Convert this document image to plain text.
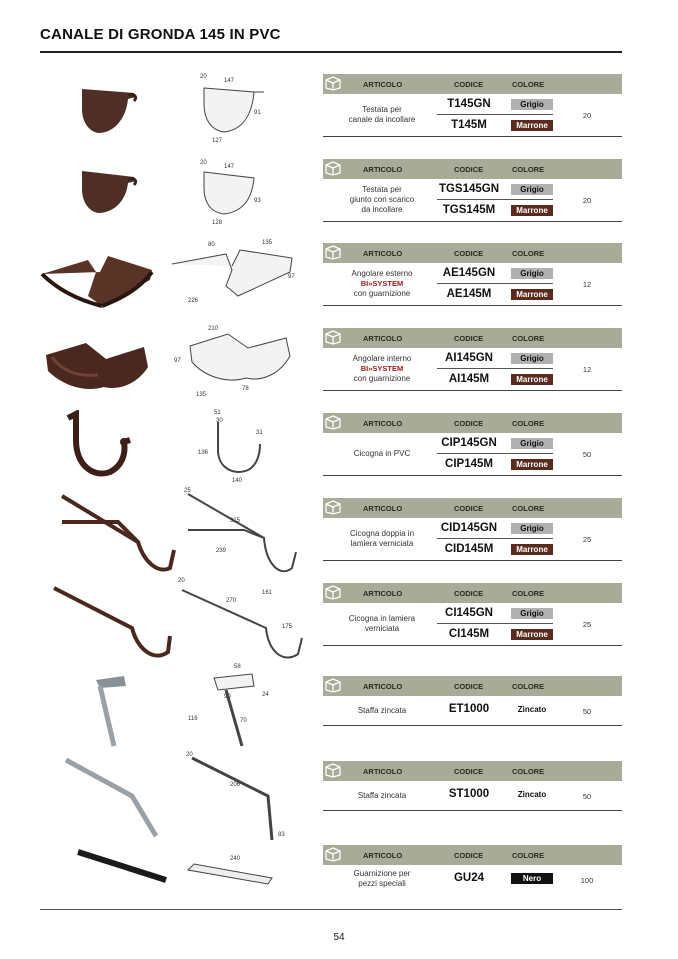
CANALE DI GRONDA 145 IN PVC
20
147
91
127
20
147
93
128
80	135
97
226
210
97
78
135
51
30
31
136
140
25
315
239
161
20
270
175
58
90	24
116	70
20
206
83
240
ARTICOLO	CODICE	COLORE
Testata per
canale da incollare
T145GN	Grigio
T145M	Marrone
20
ARTICOLO	CODICE	COLORE
Testata per
giunto con scarico
da incollare
TGS145GN	Grigio
TGS145M	Marrone
20
ARTICOLO	CODICE	COLORE
Angolare esterno
BI»SYSTEM
con guarnizione
AE145GN	Grigio
AE145M	Marrone
12
ARTICOLO	CODICE	COLORE
Angolare interno
BI»SYSTEM
con guarnizione
AI145GN	Grigio
AI145M	Marrone
12
ARTICOLO	CODICE	COLORE
Cicogna in PVC
CIP145GN	Grigio
CIP145M	Marrone
50
ARTICOLO	CODICE	COLORE
Cicogna doppia in
lamiera verniciata
CID145GN	Grigio
CID145M	Marrone
25
ARTICOLO	CODICE	COLORE
Cicogna in lamiera
verniciata
CI145GN	Grigio
CI145M	Marrone
25
ARTICOLO	CODICE	COLORE
Staffa zincata	ET1000	Zincato	50
ARTICOLO	CODICE	COLORE
Staffa zincata	ST1000	Zincato	50
ARTICOLO	CODICE	COLORE
Guarnizione per
pezzi speciali	GU24	Nero	100
54
